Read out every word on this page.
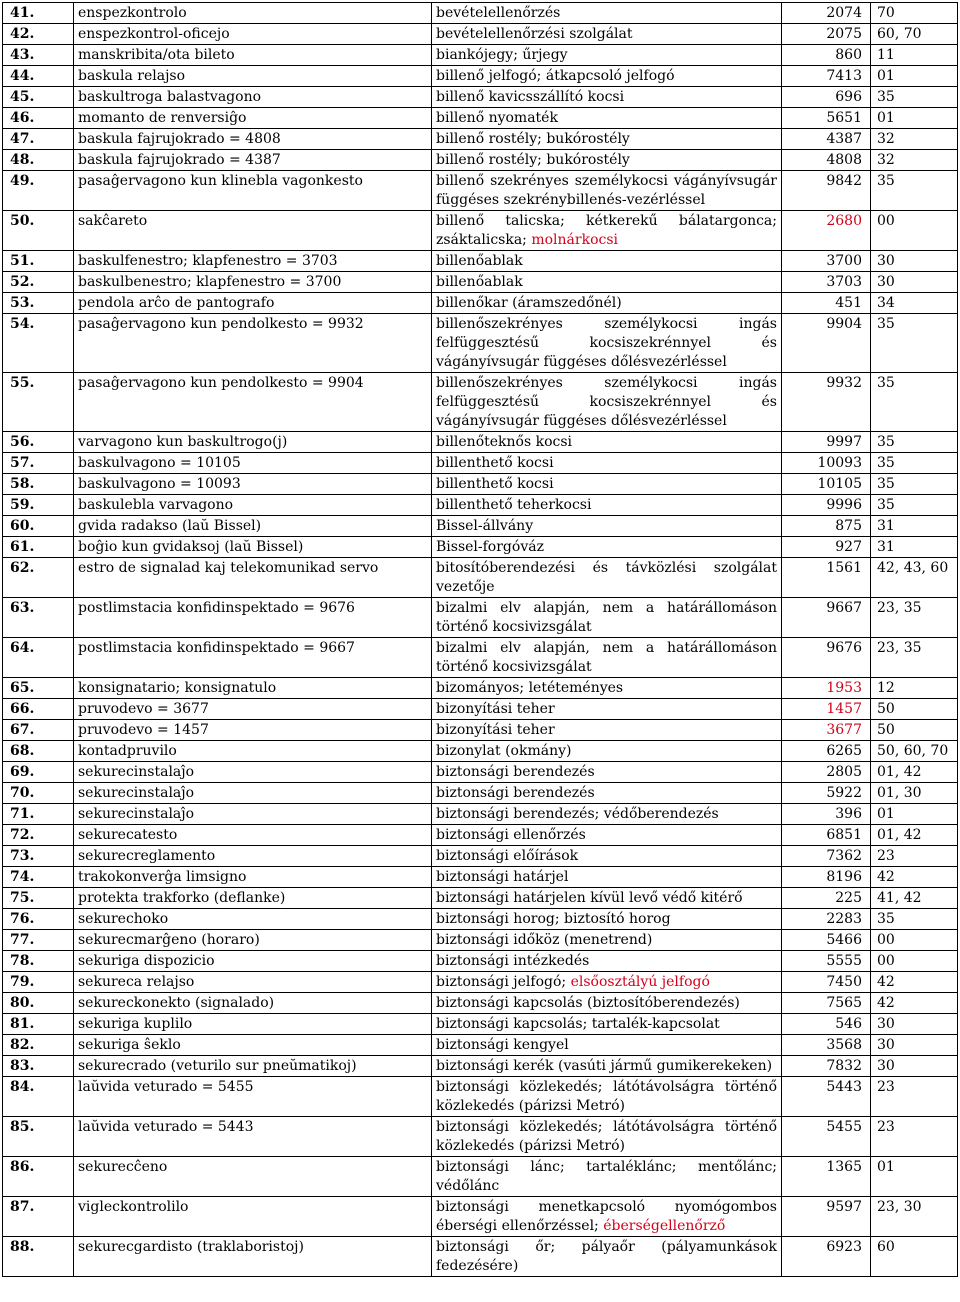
41.	enspezkontrolo	bevételellenőrzés	2074	70
42.	enspezkontrol-oficejo	bevételellenőrzési szolgálat	2075	60, 70
43.	manskribita/ota bileto	biankójegy; űrjegy	860	11
44.	baskula relajso	billenő jelfogó; átkapcsoló jelfogó	7413	01
45.	baskultroga balastvagono	billenő kavicsszállító kocsi	696	35
46.	momanto de renversiĝo	billenő nyomaték	5651	01
47.	baskula fajrujokrado = 4808	billenő rostély; bukórostély	4387	32
48.	baskula fajrujokrado = 4387	billenő rostély; bukórostély	4808	32
49.	pasaĝervagono kun klinebla vagonkesto	billenő szekrényes személykocsi vágányívsugár függéses szekrénybillenés-vezérléssel	9842	35
50.	sakĉareto	billenő talicska; kétkerekű bálatargonca; zsáktalicska; molnárkocsi	2680	00
51.	baskulfenestro; klapfenestro = 3703	billenőablak	3700	30
52.	baskulbenestro; klapfenestro = 3700	billenőablak	3703	30
53.	pendola arĉo de pantografo	billenőkar (áramszedőnél)	451	34
54.	pasaĝervagono kun pendolkesto = 9932	billenőszekrényes személykocsi ingás felfüggesztésű kocsiszekrénnyel és vágányívsugár függéses dőlésvezérléssel	9904	35
55.	pasaĝervagono kun pendolkesto = 9904	billenőszekrényes személykocsi ingás felfüggesztésű kocsiszekrénnyel és vágányívsugár függéses dőlésvezérléssel	9932	35
56.	varvagono kun baskultrogo(j)	billenőteknős kocsi	9997	35
57.	baskulvagono = 10105	billenthető kocsi	10093	35
58.	baskulvagono = 10093	billenthető kocsi	10105	35
59.	baskulebla varvagono	billenthető teherkocsi	9996	35
60.	gvida radakso (laŭ Bissel)	Bissel-állvány	875	31
61.	boĝio kun gvidaksoj (laŭ Bissel)	Bissel-forgóváz	927	31
62.	estro de signalad kaj telekomunikad servo	bitosítóberendezési és távközlési szolgálat vezetője	1561	42, 43, 60
63.	postlimstacia konfidinspektado = 9676	bizalmi elv alapján, nem a határállomáson történő kocsivizsgálat	9667	23, 35
64.	postlimstacia konfidinspektado = 9667	bizalmi elv alapján, nem a határállomáson történő kocsivizsgálat	9676	23, 35
65.	konsignatario; konsignatulo	bizományos; letéteményes	1953	12
66.	pruvodevo = 3677	bizonyítási teher	1457	50
67.	pruvodevo = 1457	bizonyítási teher	3677	50
68.	kontadpruvilo	bizonylat (okmány)	6265	50, 60, 70
69.	sekurecinstalaĵo	biztonsági berendezés	2805	01, 42
70.	sekurecinstalaĵo	biztonsági berendezés	5922	01, 30
71.	sekurecinstalaĵo	biztonsági berendezés; védőberendezés	396	01
72.	sekurecatesto	biztonsági ellenőrzés	6851	01, 42
73.	sekurecreglamento	biztonsági előírások	7362	23
74.	trakokonverĝa limsigno	biztonsági határjel	8196	42
75.	protekta trakforko (deflanke)	biztonsági határjelen kívül levő védő kitérő	225	41, 42
76.	sekurechoko	biztonsági horog; biztosító horog	2283	35
77.	sekurecmarĝeno (horaro)	biztonsági időköz (menetrend)	5466	00
78.	sekuriga dispozicio	biztonsági intézkedés	5555	00
79.	sekureca relajso	biztonsági jelfogó; elsőosztályú jelfogó	7450	42
80.	sekureckonekto (signalado)	biztonsági kapcsolás (biztosítóberendezés)	7565	42
81.	sekuriga kuplilo	biztonsági kapcsolás; tartalék-kapcsolat	546	30
82.	sekuriga ŝeklo	biztonsági kengyel	3568	30
83.	sekurecrado (veturilo sur pneŭmatikoj)	biztonsági kerék (vasúti jármű gumikerekeken)	7832	30
84.	laŭvida veturado = 5455	biztonsági közlekedés; látótávolságra történő közlekedés (párizsi Metró)	5443	23
85.	laŭvida veturado = 5443	biztonsági közlekedés; látótávolságra történő közlekedés (párizsi Metró)	5455	23
86.	sekurecĉeno	biztonsági lánc; tartaléklánc; mentőlánc; védőlánc	1365	01
87.	vigleckontrolilo	biztonsági menetkapcsoló nyomógombos éberségi ellenőrzéssel; éberségellenőrző	9597	23, 30
88.	sekurecgardisto (traklaboristoj)	biztonsági őr; pályaőr (pályamunkások fedezésére)	6923	60
